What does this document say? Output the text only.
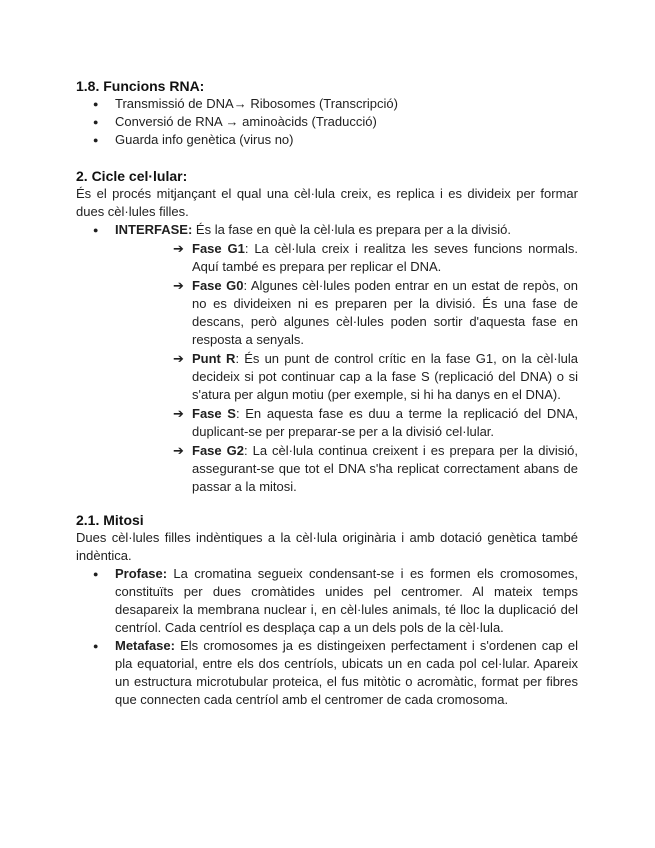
1.8. Funcions RNA:
● Transmissió de DNA→ Ribosomes (Transcripció)
● Conversió de RNA → aminoàcids (Traducció)
● Guarda info genètica (virus no)
2. Cicle cel·lular:

És el procés mitjançant el qual una cèl·lula creix, es replica i es divideix per formar dues cèl·lules filles.

● INTERFASE: És la fase en què la cèl·lula es prepara per a la divisió.
➔ Fase G1: La cèl·lula creix i realitza les seves funcions normals. Aquí també es prepara per replicar el DNA.
➔ Fase G0: Algunes cèl·lules poden entrar en un estat de repòs, on no es divideixen ni es preparen per la divisió. És una fase de descans, però algunes cèl·lules poden sortir d'aquesta fase en resposta a senyals.
➔ Punt R: És un punt de control crític en la fase G1, on la cèl·lula decideix si pot continuar cap a la fase S (replicació del DNA) o si s'atura per algun motiu (per exemple, si hi ha danys en el DNA).
➔ Fase S: En aquesta fase es duu a terme la replicació del DNA, duplicant-se per preparar-se per a la divisió cel·lular.
➔ Fase G2: La cèl·lula continua creixent i es prepara per la divisió, assegurant-se que tot el DNA s'ha replicat correctament abans de passar a la mitosi.
2.1. Mitosi

Dues cèl·lules filles indèntiques a la cèl·lula originària i amb dotació genètica també indèntica.

● Profase: La cromatina segueix condensant-se i es formen els cromosomes, constituïts per dues cromàtides unides pel centromer. Al mateix temps desapareix la membrana nuclear i, en cèl·lules animals, té lloc la duplicació del centríol. Cada centríol es desplaça cap a un dels pols de la cèl·lula.
● Metafase: Els cromosomes ja es distingeixen perfectament i s'ordenen cap el pla equatorial, entre els dos centríols, ubicats un en cada pol cel·lular. Apareix un estructura microtubular proteica, el fus mitòtic o acromàtic, format per fibres que connecten cada centríol amb el centromer de cada cromosoma.
